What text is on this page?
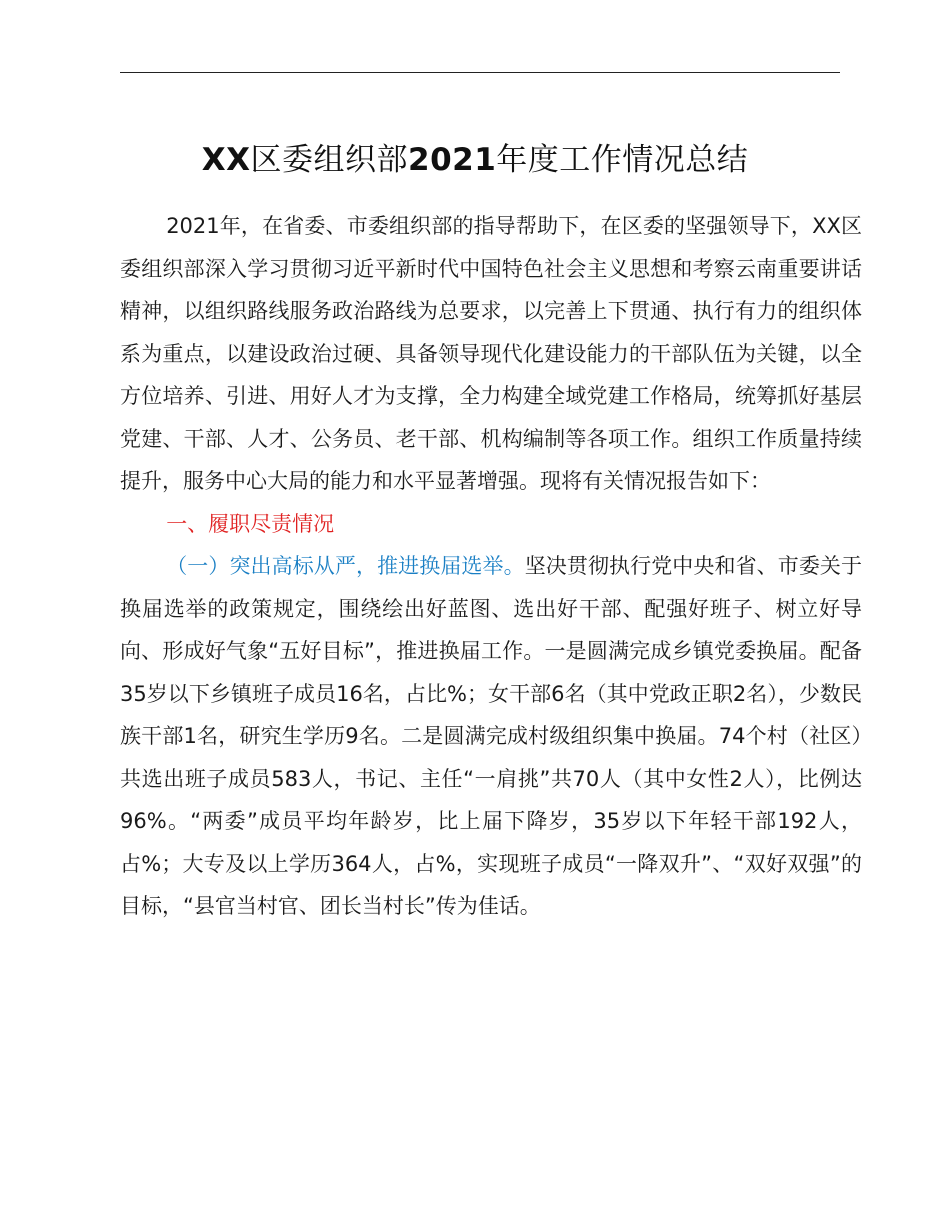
XX区委组织部2021年度工作情况总结

2021年，在省委、市委组织部的指导帮助下，在区委的坚强领导下，XX区委组织部深入学习贯彻习近平新时代中国特色社会主义思想和考察云南重要讲话精神，以组织路线服务政治路线为总要求，以完善上下贯通、执行有力的组织体系为重点，以建设政治过硬、具备领导现代化建设能力的干部队伍为关键，以全方位培养、引进、用好人才为支撑，全力构建全域党建工作格局，统筹抓好基层党建、干部、人才、公务员、老干部、机构编制等各项工作。组织工作质量持续提升，服务中心大局的能力和水平显著增强。现将有关情况报告如下：

一、履职尽责情况

（一）突出高标从严，推进换届选举。坚决贯彻执行党中央和省、市委关于换届选举的政策规定，围绕绘出好蓝图、选出好干部、配强好班子、树立好导向、形成好气象“五好目标”，推进换届工作。一是圆满完成乡镇党委换届。配备35岁以下乡镇班子成员16名，占比%；女干部6名（其中党政正职2名），少数民族干部1名，研究生学历9名。二是圆满完成村级组织集中换届。74个村（社区）共选出班子成员583人，书记、主任“一肩挑”共70人（其中女性2人），比例达96%。“两委”成员平均年龄岁，比上届下降岁，35岁以下年轻干部192人，占%；大专及以上学历364人，占%，实现班子成员“一降双升”、“双好双强”的目标，“县官当村官、团长当村长”传为佳话。
